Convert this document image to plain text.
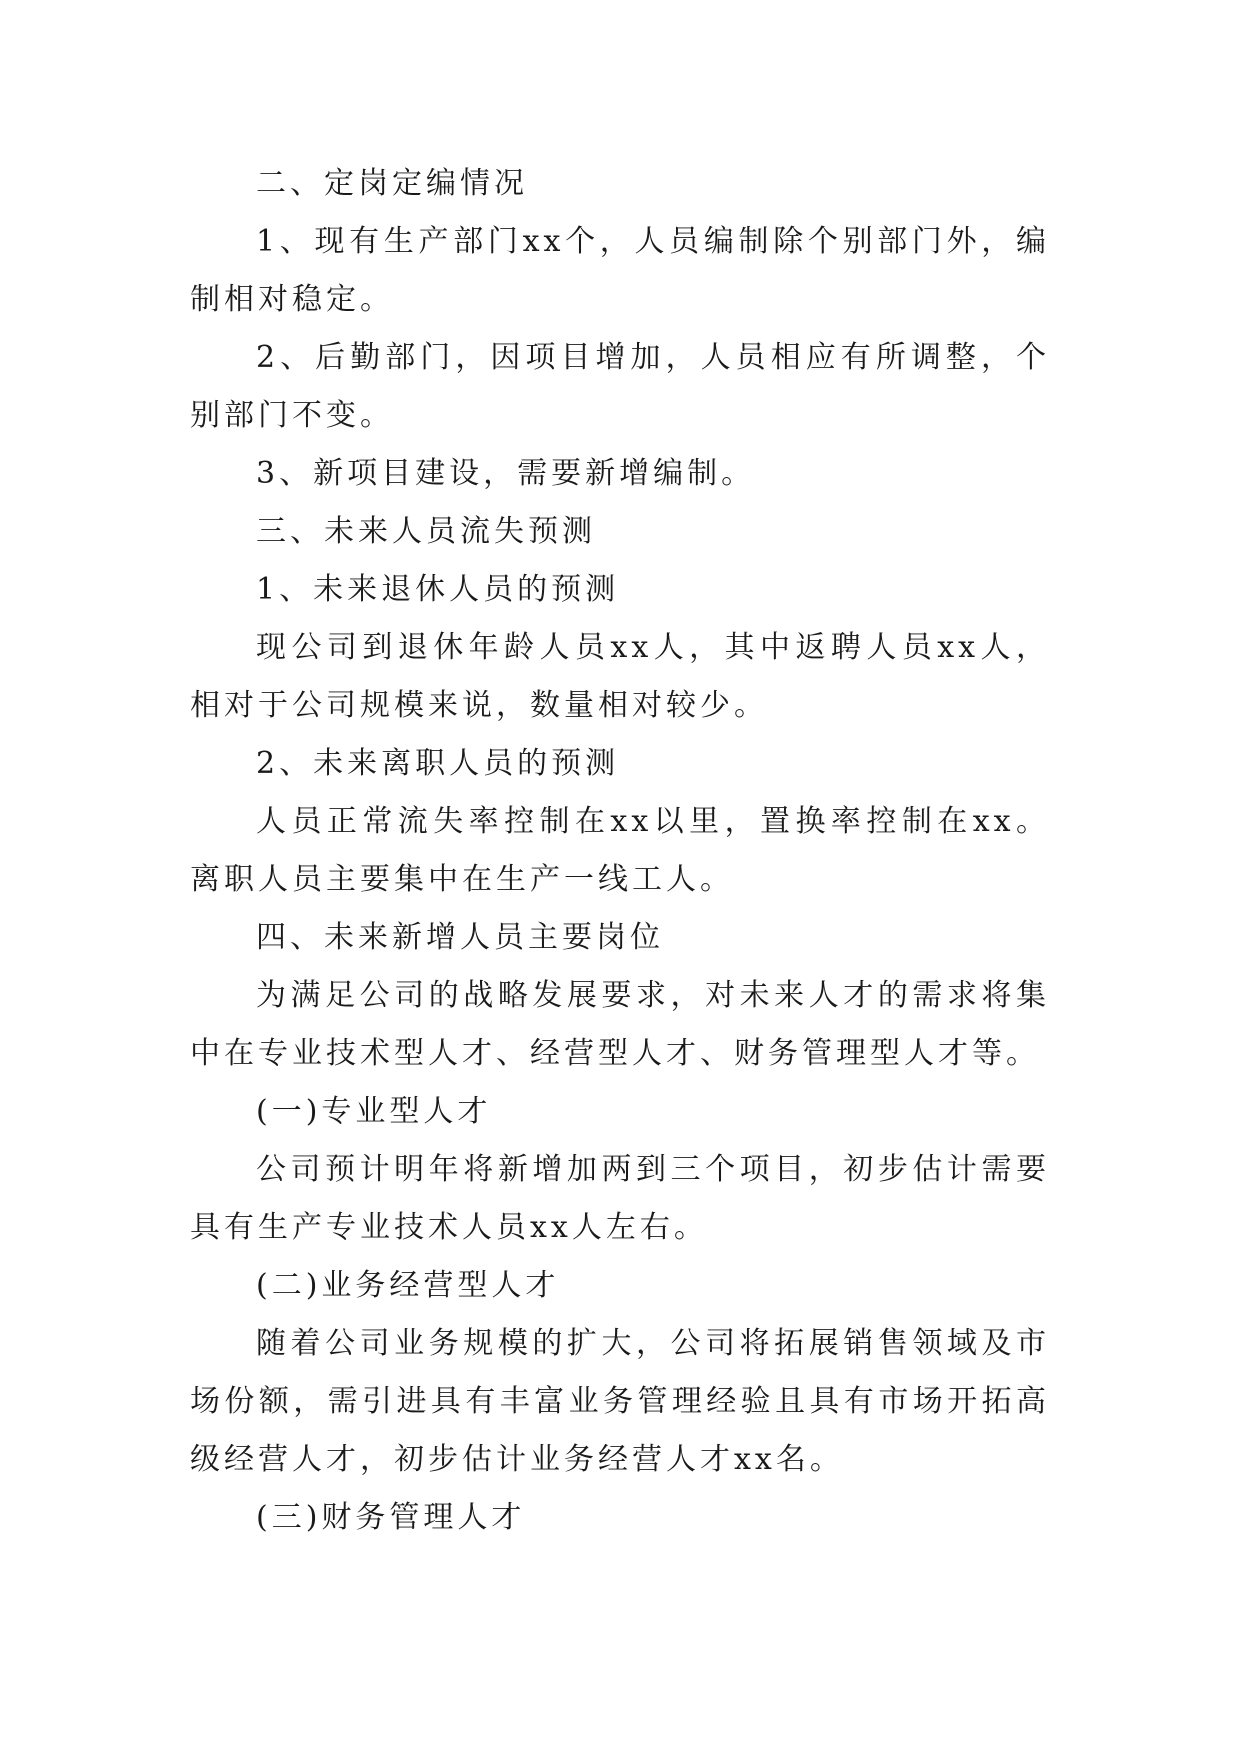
二、定岗定编情况

1、现有生产部门xx个，人员编制除个别部门外，编制相对稳定。

2、后勤部门，因项目增加，人员相应有所调整，个别部门不变。

3、新项目建设，需要新增编制。

三、未来人员流失预测

1、未来退休人员的预测

现公司到退休年龄人员xx人，其中返聘人员xx人，相对于公司规模来说，数量相对较少。

2、未来离职人员的预测

人员正常流失率控制在xx以里，置换率控制在xx。离职人员主要集中在生产一线工人。

四、未来新增人员主要岗位

为满足公司的战略发展要求，对未来人才的需求将集中在专业技术型人才、经营型人才、财务管理型人才等。

(一)专业型人才

公司预计明年将新增加两到三个项目，初步估计需要具有生产专业技术人员xx人左右。

(二)业务经营型人才

随着公司业务规模的扩大，公司将拓展销售领域及市场份额，需引进具有丰富业务管理经验且具有市场开拓高级经营人才，初步估计业务经营人才xx名。

(三)财务管理人才
